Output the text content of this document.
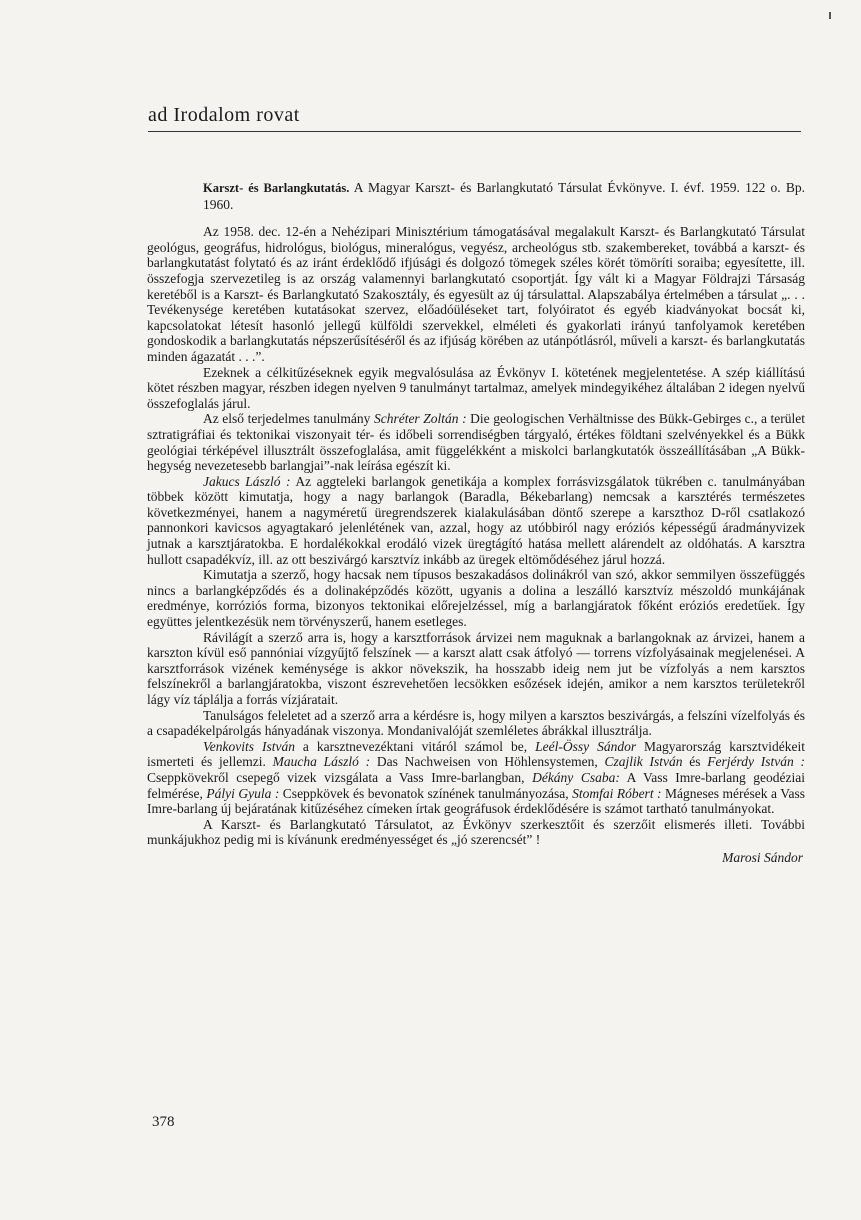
ad Irodalom rovat

Karszt- és Barlangkutatás. A Magyar Karszt- és Barlangkutató Társulat Évkönyve. I. évf. 1959. 122 o. Bp. 1960.

Az 1958. dec. 12-én a Nehézipari Minisztérium támogatásával megalakult Karszt- és Barlangkutató Társulat geológus, geográfus, hidrológus, biológus, mineralógus, vegyész, archeológus stb. szakembereket, továbbá a karszt- és barlangkutatást folytató és az iránt érdeklődő ifjúsági és dolgozó tömegek széles körét tömöríti soraiba; egyesítette, ill. összefogja szervezetileg is az ország valamennyi barlangkutató csoportját. Így vált ki a Magyar Földrajzi Társaság keretéből is a Karszt- és Barlangkutató Szakosztály, és egyesült az új társulattal. Alapszabálya értelmében a társulat „. . . Tevékenysége keretében kutatásokat szervez, előadóüléseket tart, folyóiratot és egyéb kiadványokat bocsát ki, kapcsolatokat létesít hasonló jellegű külföldi szervekkel, elméleti és gyakorlati irányú tanfolyamok keretében gondoskodik a barlangkutatás népszerűsítéséről és az ifjúság körében az utánpótlásról, műveli a karszt- és barlangkutatás minden ágazatát . . .”.

Ezeknek a célkitűzéseknek egyik megvalósulása az Évkönyv I. kötetének megjelentetése. A szép kiállítású kötet részben magyar, részben idegen nyelven 9 tanulmányt tartalmaz, amelyek mindegyikéhez általában 2 idegen nyelvű összefoglalás járul.

Az első terjedelmes tanulmány Schréter Zoltán : Die geologischen Verhältnisse des Bükk-Gebirges c., a terület sztratigráfiai és tektonikai viszonyait tér- és időbeli sorrendiségben tárgyaló, értékes földtani szelvényekkel és a Bükk geológiai térképével illusztrált összefoglalása, amit függelékként a miskolci barlangkutatók összeállításában „A Bükk-hegység nevezetesebb barlangjai”-nak leírása egészít ki.

Jakucs László : Az aggteleki barlangok genetikája a komplex forrásvizsgálatok tükrében c. tanulmányában többek között kimutatja, hogy a nagy barlangok (Baradla, Békebarlang) nemcsak a karsztérés természetes következményei, hanem a nagyméretű üregrendszerek kialakulásában döntő szerepe a karszthoz D-ről csatlakozó pannonkori kavicsos agyagtakaró jelenlétének van, azzal, hogy az utóbbiról nagy eróziós képességű áradmányvizek jutnak a karsztjáratokba. E hordalékokkal erodáló vizek üregtágító hatása mellett alárendelt az oldóhatás. A karsztra hullott csapadékvíz, ill. az ott beszivárgó karsztvíz inkább az üregek eltömődéséhez járul hozzá.

Kimutatja a szerző, hogy hacsak nem típusos beszakadásos dolinákról van szó, akkor semmilyen összefüggés nincs a barlangképződés és a dolinaképződés között, ugyanis a dolina a leszálló karsztvíz mészoldó munkájának eredménye, korróziós forma, bizonyos tektonikai előrejelzéssel, míg a barlangjáratok főként eróziós eredetűek. Így együttes jelentkezésük nem törvényszerű, hanem esetleges.

Rávilágít a szerző arra is, hogy a karsztforrások árvizei nem maguknak a barlangoknak az árvizei, hanem a karszton kívül eső pannóniai vízgyűjtő felszínek — a karszt alatt csak átfolyó — torrens vízfolyásainak megjelenései. A karsztforrások vizének keménysége is akkor növekszik, ha hosszabb ideig nem jut be vízfolyás a nem karsztos felszínekről a barlangjáratokba, viszont észrevehetően lecsökken esőzések idején, amikor a nem karsztos területekről lágy víz táplálja a forrás vízjáratait.

Tanulságos feleletet ad a szerző arra a kérdésre is, hogy milyen a karsztos beszivárgás, a felszíni vízelfolyás és a csapadékelpárolgás hányadának viszonya. Mondanivalóját szemléletes ábrákkal illusztrálja.

Venkovits István a karsztnevezéktani vitáról számol be, Leél-Össy Sándor Magyarország karsztvidékeit ismerteti és jellemzi. Maucha László : Das Nachweisen von Höhlensystemen, Czajlik István és Ferjérdy István : Cseppkövekről csepegő vizek vizsgálata a Vass Imre-barlangban, Dékány Csaba: A Vass Imre-barlang geodéziai felmérése, Pályi Gyula : Cseppkövek és bevonatok színének tanulmányozása, Stomfai Róbert : Mágneses mérések a Vass Imre-barlang új bejáratának kitűzéséhez címeken írtak geográfusok érdeklődésére is számot tartható tanulmányokat.

A Karszt- és Barlangkutató Társulatot, az Évkönyv szerkesztőit és szerzőit elismerés illeti. További munkájukhoz pedig mi is kívánunk eredményességet és „jó szerencsét” !

Marosi Sándor
378
